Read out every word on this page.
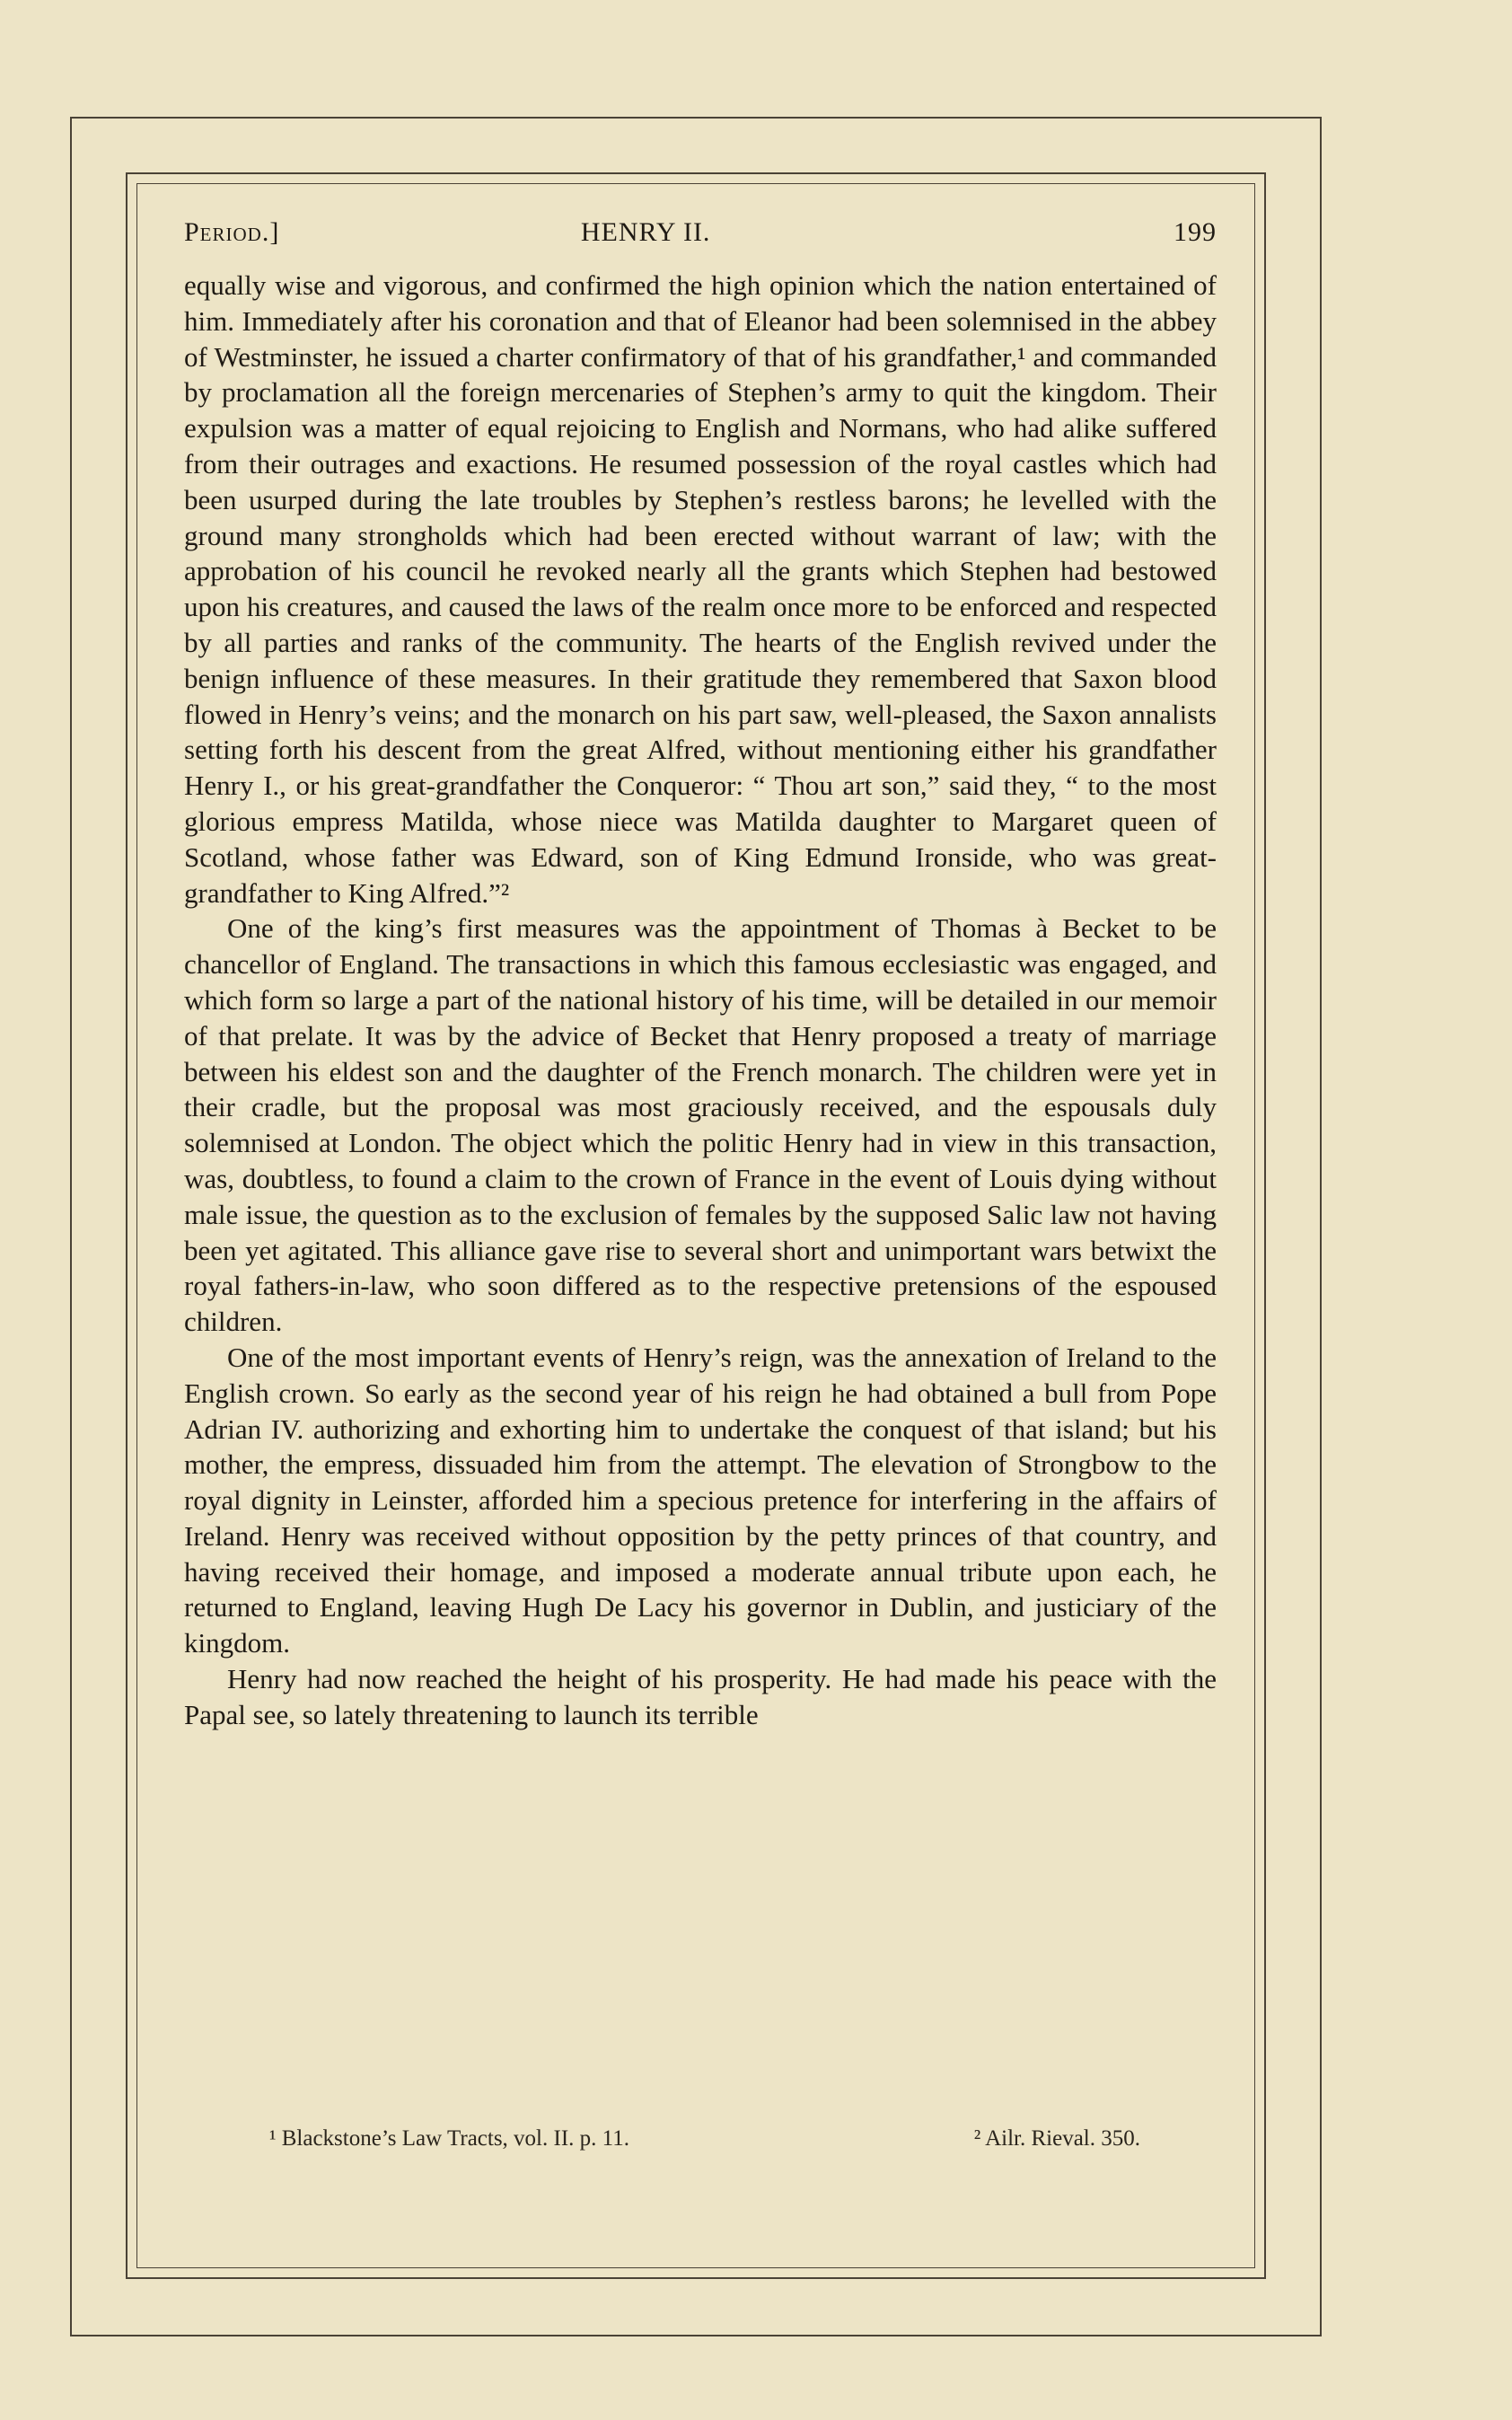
Period.]	HENRY II.	199

equally wise and vigorous, and confirmed the high opinion which the nation entertained of him. Immediately after his coronation and that of Eleanor had been solemnised in the abbey of Westminster, he issued a charter confirmatory of that of his grandfather,¹ and commanded by proclamation all the foreign mercenaries of Stephen’s army to quit the kingdom. Their expulsion was a matter of equal rejoicing to English and Normans, who had alike suffered from their outrages and exactions. He resumed possession of the royal castles which had been usurped during the late troubles by Stephen’s restless barons; he levelled with the ground many strongholds which had been erected without warrant of law; with the approbation of his council he revoked nearly all the grants which Stephen had bestowed upon his creatures, and caused the laws of the realm once more to be enforced and respected by all parties and ranks of the community. The hearts of the English revived under the benign influence of these measures. In their gratitude they remembered that Saxon blood flowed in Henry’s veins; and the monarch on his part saw, well-pleased, the Saxon annalists setting forth his descent from the great Alfred, without mentioning either his grandfather Henry I., or his great-grandfather the Conqueror: “ Thou art son,” said they, “ to the most glorious empress Matilda, whose niece was Matilda daughter to Margaret queen of Scotland, whose father was Edward, son of King Edmund Ironside, who was great-grandfather to King Alfred.”²

One of the king’s first measures was the appointment of Thomas à Becket to be chancellor of England. The transactions in which this famous ecclesiastic was engaged, and which form so large a part of the national history of his time, will be detailed in our memoir of that prelate. It was by the advice of Becket that Henry proposed a treaty of marriage between his eldest son and the daughter of the French monarch. The children were yet in their cradle, but the proposal was most graciously received, and the espousals duly solemnised at London. The object which the politic Henry had in view in this transaction, was, doubtless, to found a claim to the crown of France in the event of Louis dying without male issue, the question as to the exclusion of females by the supposed Salic law not having been yet agitated. This alliance gave rise to several short and unimportant wars betwixt the royal fathers-in-law, who soon differed as to the respective pretensions of the espoused children.

One of the most important events of Henry’s reign, was the annexation of Ireland to the English crown. So early as the second year of his reign he had obtained a bull from Pope Adrian IV. authorizing and exhorting him to undertake the conquest of that island; but his mother, the empress, dissuaded him from the attempt. The elevation of Strongbow to the royal dignity in Leinster, afforded him a specious pretence for interfering in the affairs of Ireland. Henry was received without opposition by the petty princes of that country, and having received their homage, and imposed a moderate annual tribute upon each, he returned to England, leaving Hugh De Lacy his governor in Dublin, and justiciary of the kingdom.

Henry had now reached the height of his prosperity. He had made his peace with the Papal see, so lately threatening to launch its terrible

¹ Blackstone’s Law Tracts, vol. II. p. 11.	² Ailr. Rieval. 350.
